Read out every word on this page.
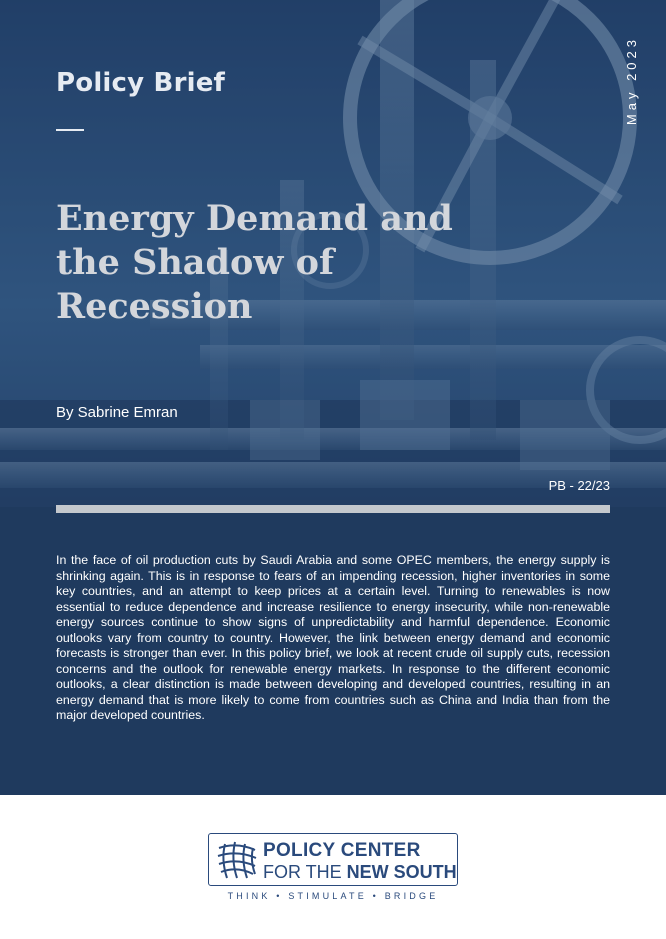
Policy Brief
Energy Demand and the Shadow of Recession
By Sabrine Emran
May 2023
PB - 22/23

In the face of oil production cuts by Saudi Arabia and some OPEC members, the energy supply is shrinking again. This is in response to fears of an impending recession, higher inventories in some key countries, and an attempt to keep prices at a certain level. Turning to renewables is now essential to reduce dependence and increase resilience to energy insecurity, while non-renewable energy sources continue to show signs of unpredictability and harmful dependence. Economic outlooks vary from country to country. However, the link between energy demand and economic forecasts is stronger than ever. In this policy brief, we look at recent crude oil supply cuts, recession concerns and the outlook for renewable energy markets. In response to the different economic outlooks, a clear distinction is made between developing and developed countries, resulting in an energy demand that is more likely to come from countries such as China and India than from the major developed countries.

POLICY CENTER
FOR THE NEW SOUTH
THINK • STIMULATE • BRIDGE
